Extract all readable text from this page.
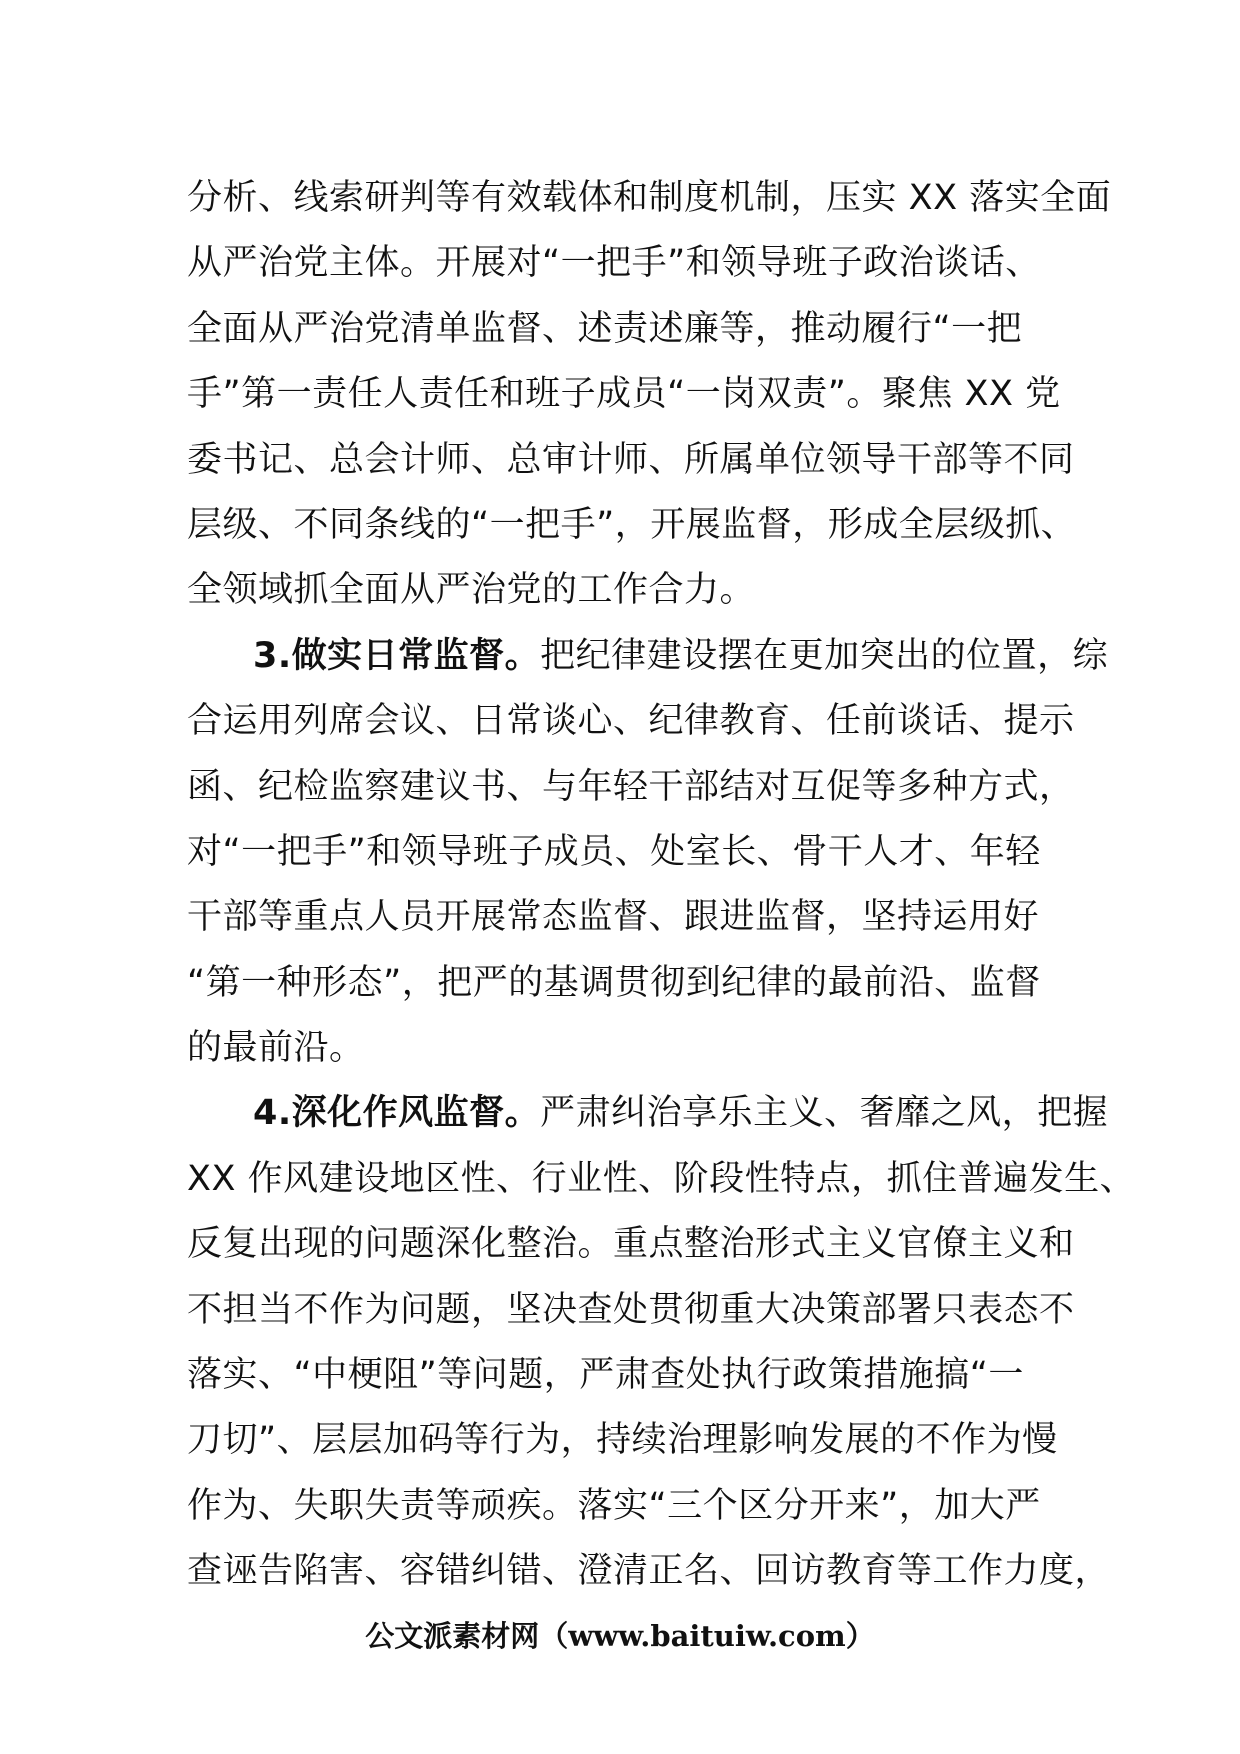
分析、线索研判等有效载体和制度机制，压实 XX 落实全面
从严治党主体。开展对“一把手”和领导班子政治谈话、
全面从严治党清单监督、述责述廉等，推动履行“一把
手”第一责任人责任和班子成员“一岗双责”。聚焦 XX 党
委书记、总会计师、总审计师、所属单位领导干部等不同
层级、不同条线的“一把手”，开展监督，形成全层级抓、
全领域抓全面从严治党的工作合力。
3.做实日常监督。把纪律建设摆在更加突出的位置，综
合运用列席会议、日常谈心、纪律教育、任前谈话、提示
函、纪检监察建议书、与年轻干部结对互促等多种方式，
对“一把手”和领导班子成员、处室长、骨干人才、年轻
干部等重点人员开展常态监督、跟进监督，坚持运用好
“第一种形态”，把严的基调贯彻到纪律的最前沿、监督
的最前沿。
4.深化作风监督。严肃纠治享乐主义、奢靡之风，把握
XX 作风建设地区性、行业性、阶段性特点，抓住普遍发生、
反复出现的问题深化整治。重点整治形式主义官僚主义和
不担当不作为问题，坚决查处贯彻重大决策部署只表态不
落实、“中梗阻”等问题，严肃查处执行政策措施搞“一
刀切”、层层加码等行为，持续治理影响发展的不作为慢
作为、失职失责等顽疾。落实“三个区分开来”，加大严
查诬告陷害、容错纠错、澄清正名、回访教育等工作力度，
公文派素材网（www.baituiw.com）
